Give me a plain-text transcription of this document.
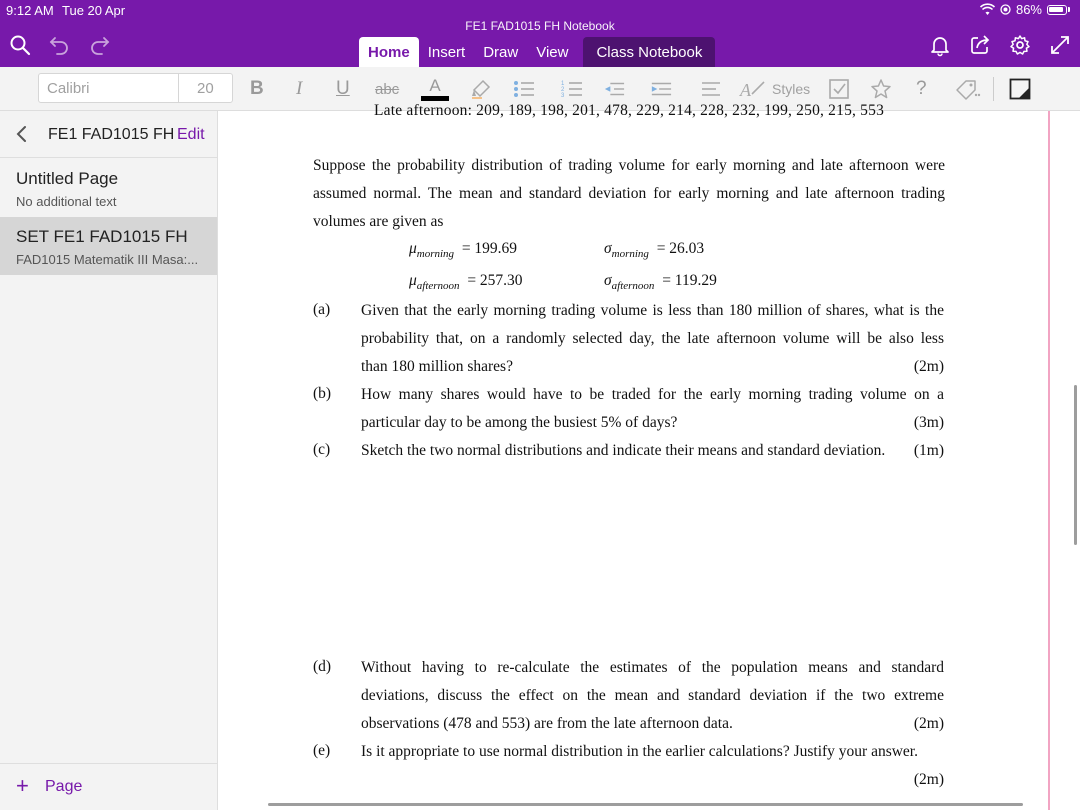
9:12 AM Tue 20 Apr	86%
FE1 FAD1015 FH Notebook
Home	Insert	Draw	View	Class Notebook
Calibri	20 B I U abc A	1
2
3	A Styles	?
FE1 FAD1015 FH Edit
Untitled Page
No additional text
SET FE1 FAD1015 FH
FAD1015 Matematik III Masa:...
+ Page
Late afternoon: 209, 189, 198, 201, 478, 229, 214, 228, 232, 199, 250, 215, 553
Suppose the probability distribution of trading volume for early morning and late afternoon were
assumed normal. The mean and standard deviation for early morning and late afternoon trading
volumes are given as
$\mu_{morning} = 199.69$	$\sigma_{morning} = 26.03$
$\mu_{afternoon} = 257.30$	$\sigma_{afternoon} = 119.29$
(a) Given that the early morning trading volume is less than 180 million of shares, what is the
probability that, on a randomly selected day, the late afternoon volume will be also less
than 180 million shares?	(2m)
(b) How many shares would have to be traded for the early morning trading volume on a
particular day to be among the busiest 5% of days?	(3m)
(c) Sketch the two normal distributions and indicate their means and standard deviation. (1m)
(d) Without having to re-calculate the estimates of the population means and standard
deviations, discuss the effect on the mean and standard deviation if the two extreme
observations (478 and 553) are from the late afternoon data.	(2m)
(e) Is it appropriate to use normal distribution in the earlier calculations? Justify your answer.
(2m)
